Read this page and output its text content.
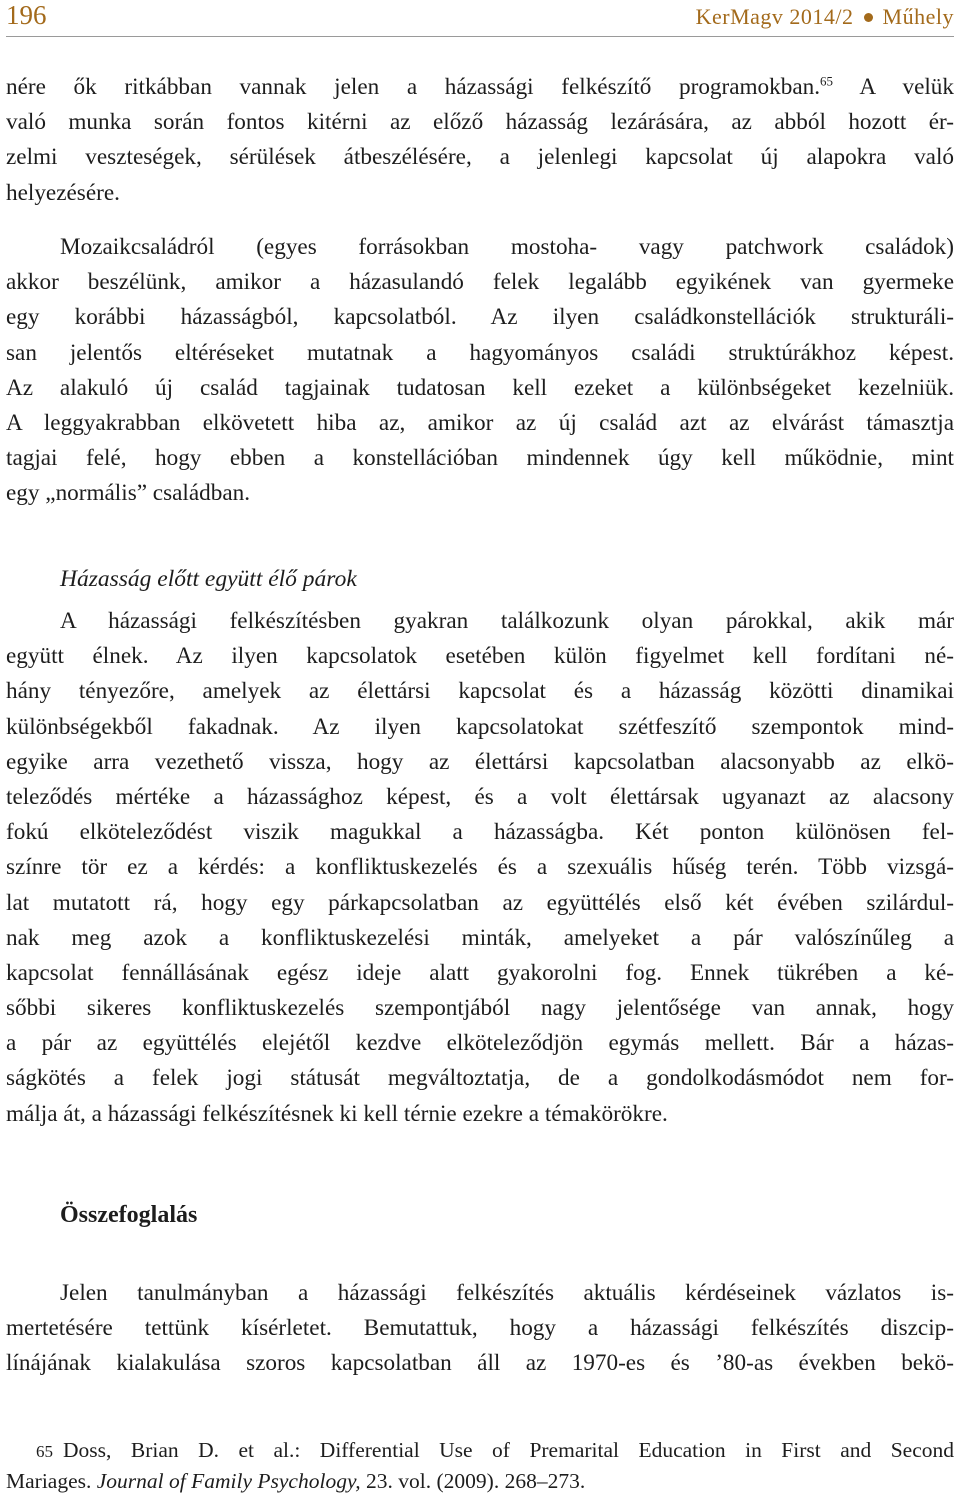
196	KerMagv 2014/2 Műhely
nére ők ritkábban vannak jelen a házassági felkészítő programokban.$^{65}$ A velük
való munka során fontos kitérni az előző házasság lezárására, az abból hozott ér-
zelmi veszteségek, sérülések átbeszélésére, a jelenlegi kapcsolat új alapokra való
helyezésére.
Mozaikcsaládról (egyes forrásokban mostoha- vagy patchwork családok)
akkor beszélünk, amikor a házasulandó felek legalább egyikének van gyermeke
egy korábbi házasságból, kapcsolatból. Az ilyen családkonstellációk strukturáli-
san jelentős eltéréseket mutatnak a hagyományos családi struktúrákhoz képest.
Az alakuló új család tagjainak tudatosan kell ezeket a különbségeket kezelniük.
A leggyakrabban elkövetett hiba az, amikor az új család azt az elvárást támasztja
tagjai felé, hogy ebben a konstellációban mindennek úgy kell működnie, mint
egy „normális” családban.
Házasság előtt együtt élő párok
A házassági felkészítésben gyakran találkozunk olyan párokkal, akik már
együtt élnek. Az ilyen kapcsolatok esetében külön figyelmet kell fordítani né-
hány tényezőre, amelyek az élettársi kapcsolat és a házasság közötti dinamikai
különbségekből fakadnak. Az ilyen kapcsolatokat szétfeszítő szempontok mind-
egyike arra vezethető vissza, hogy az élettársi kapcsolatban alacsonyabb az elkö-
teleződés mértéke a házassághoz képest, és a volt élettársak ugyanazt az alacsony
fokú elköteleződést viszik magukkal a házasságba. Két ponton különösen fel-
színre tör ez a kérdés: a konfliktuskezelés és a szexuális hűség terén. Több vizsgá-
lat mutatott rá, hogy egy párkapcsolatban az együttélés első két évében szilárdul-
nak meg azok a konfliktuskezelési minták, amelyeket a pár valószínűleg a
kapcsolat fennállásának egész ideje alatt gyakorolni fog. Ennek tükrében a ké-
sőbbi sikeres konfliktuskezelés szempontjából nagy jelentősége van annak, hogy
a pár az együttélés elejétől kezdve elköteleződjön egymás mellett. Bár a házas-
ságkötés a felek jogi státusát megváltoztatja, de a gondolkodásmódot nem for-
málja át, a házassági felkészítésnek ki kell térnie ezekre a témakörökre.
Összefoglalás
Jelen tanulmányban a házassági felkészítés aktuális kérdéseinek vázlatos is-
mertetésére tettünk kísérletet. Bemutattuk, hogy a házassági felkészítés diszcip-
línájának kialakulása szoros kapcsolatban áll az 1970-es és ’80-as években bekö-
65 Doss, Brian D. et al.: Differential Use of Premarital Education in First and Second
Mariages. Journal of Family Psychology, 23. vol. (2009). 268–273.
